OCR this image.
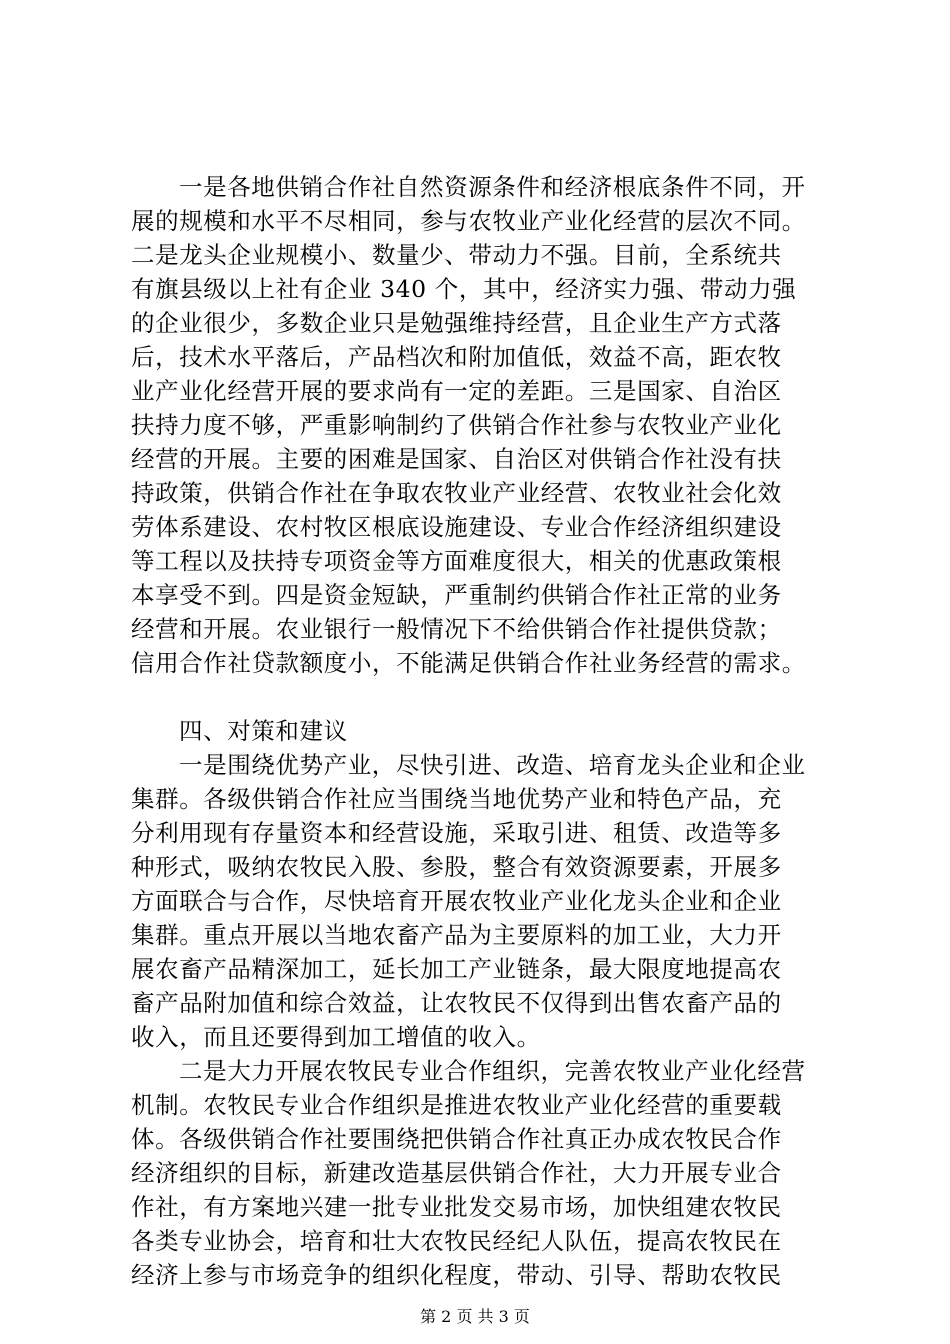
一是各地供销合作社自然资源条件和经济根底条件不同，开
展的规模和水平不尽相同，参与农牧业产业化经营的层次不同。
二是龙头企业规模小、数量少、带动力不强。目前，全系统共
有旗县级以上社有企业 340 个，其中，经济实力强、带动力强
的企业很少，多数企业只是勉强维持经营，且企业生产方式落
后，技术水平落后，产品档次和附加值低，效益不高，距农牧
业产业化经营开展的要求尚有一定的差距。三是国家、自治区
扶持力度不够，严重影响制约了供销合作社参与农牧业产业化
经营的开展。主要的困难是国家、自治区对供销合作社没有扶
持政策，供销合作社在争取农牧业产业经营、农牧业社会化效
劳体系建设、农村牧区根底设施建设、专业合作经济组织建设
等工程以及扶持专项资金等方面难度很大，相关的优惠政策根
本享受不到。四是资金短缺，严重制约供销合作社正常的业务
经营和开展。农业银行一般情况下不给供销合作社提供贷款；
信用合作社贷款额度小，不能满足供销合作社业务经营的需求。
四、对策和建议
一是围绕优势产业，尽快引进、改造、培育龙头企业和企业
集群。各级供销合作社应当围绕当地优势产业和特色产品，充
分利用现有存量资本和经营设施，采取引进、租赁、改造等多
种形式，吸纳农牧民入股、参股，整合有效资源要素，开展多
方面联合与合作，尽快培育开展农牧业产业化龙头企业和企业
集群。重点开展以当地农畜产品为主要原料的加工业，大力开
展农畜产品精深加工，延长加工产业链条，最大限度地提高农
畜产品附加值和综合效益，让农牧民不仅得到出售农畜产品的
收入，而且还要得到加工增值的收入。
二是大力开展农牧民专业合作组织，完善农牧业产业化经营
机制。农牧民专业合作组织是推进农牧业产业化经营的重要载
体。各级供销合作社要围绕把供销合作社真正办成农牧民合作
经济组织的目标，新建改造基层供销合作社，大力开展专业合
作社，有方案地兴建一批专业批发交易市场，加快组建农牧民
各类专业协会，培育和壮大农牧民经纪人队伍，提高农牧民在
经济上参与市场竞争的组织化程度，带动、引导、帮助农牧民
第 2 页 共 3 页
